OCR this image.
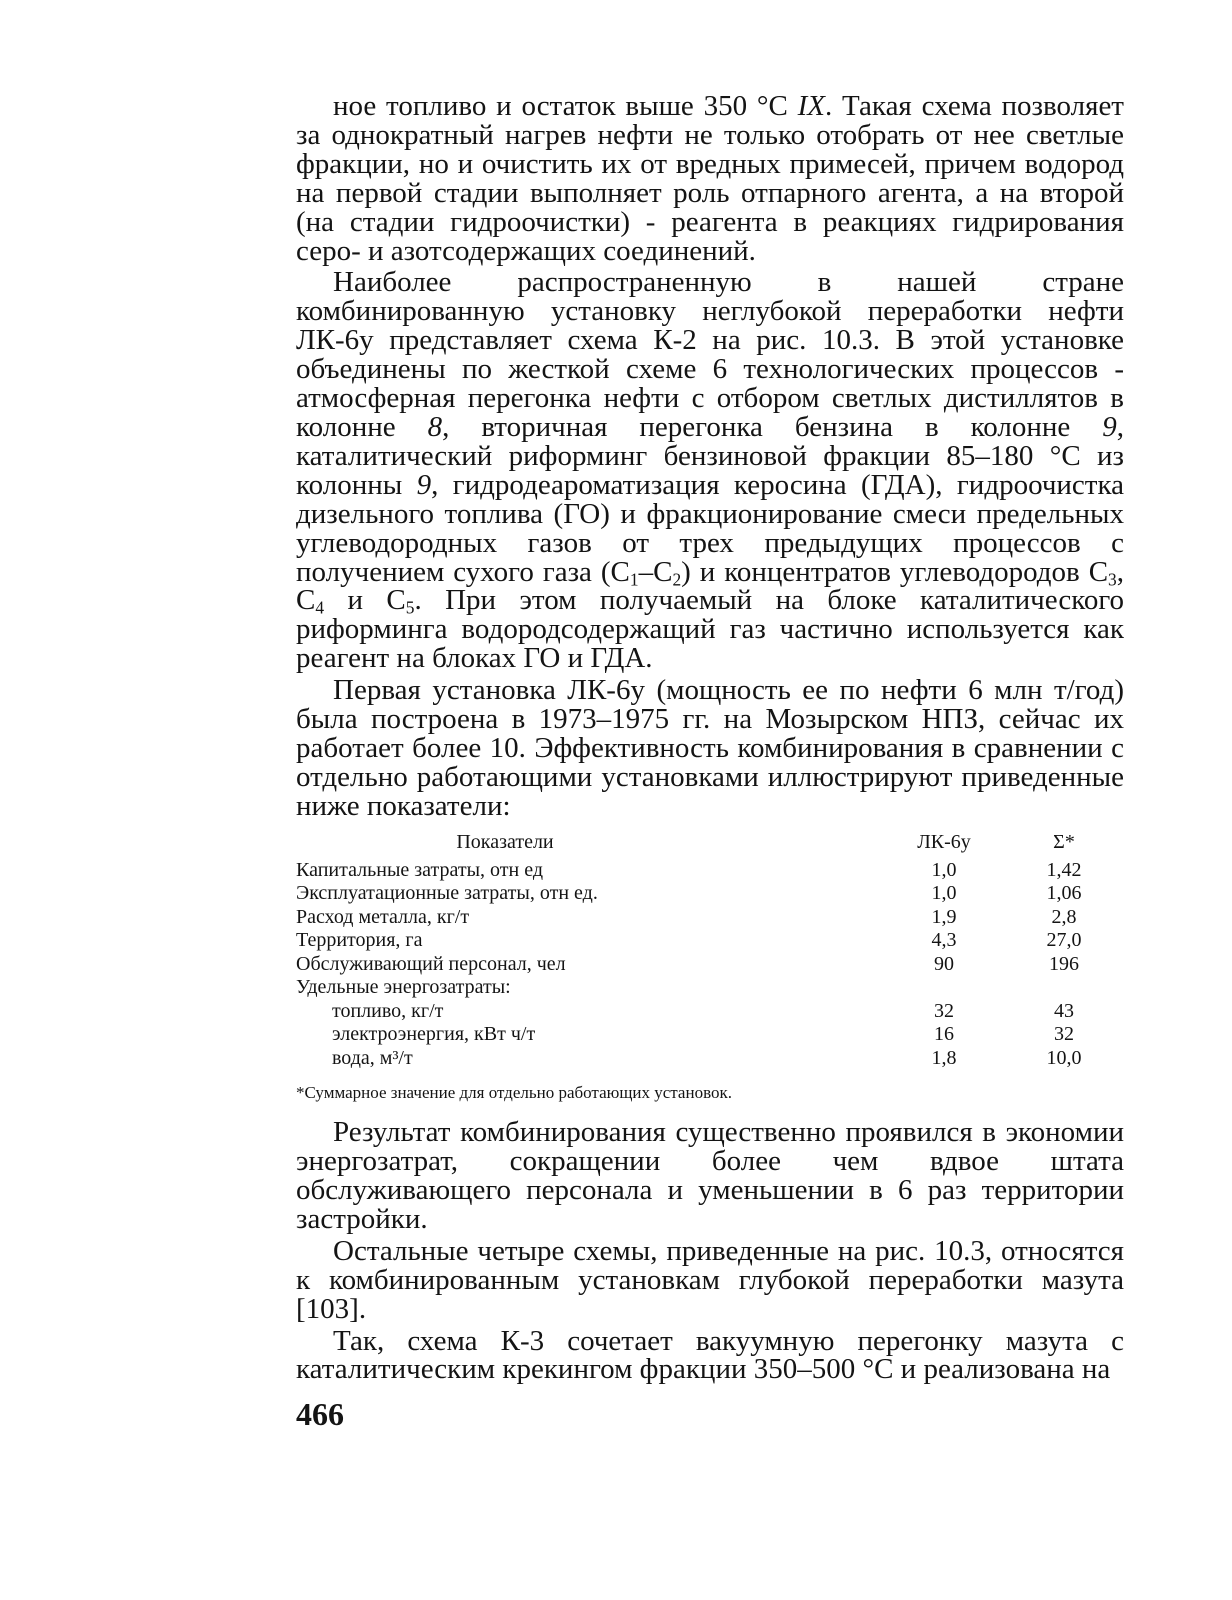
ное топливо и остаток выше 350 °С IX. Такая схема позволяет за однократный нагрев нефти не только отобрать от нее светлые фракции, но и очистить их от вредных примесей, причем водород на первой стадии выполняет роль отпарного агента, а на второй (на стадии гидроочистки) - реагента в реакциях гидрирования серо- и азотсодержащих соединений.

Наиболее распространенную в нашей стране комбинированную установку неглубокой переработки нефти ЛК-6у представляет схема К-2 на рис. 10.3. В этой установке объединены по жесткой схеме 6 технологических процессов - атмосферная перегонка нефти с отбором светлых дистиллятов в колонне 8, вторичная перегонка бензина в колонне 9, каталитический риформинг бензиновой фракции 85–180 °С из колонны 9, гидродеароматизация керосина (ГДА), гидроочистка дизельного топлива (ГО) и фракционирование смеси предельных углеводородных газов от трех предыдущих процессов с получением сухого газа $(С_1-С_2)$ и концентратов углеводородов $С_3$, $С_4$ и $С_5$. При этом получаемый на блоке каталитического риформинга водородсодержащий газ частично используется как реагент на блоках ГО и ГДА.

Первая установка ЛК-6у (мощность ее по нефти 6 млн т/год) была построена в 1973–1975 гг. на Мозырском НПЗ, сейчас их работает более 10. Эффективность комбинирования в сравнении с отдельно работающими установками иллюстрируют приведенные ниже показатели:

Показатели	ЛК-6у	Σ*
Капитальные затраты, отн ед	1,0	1,42
Эксплуатационные затраты, отн ед.	1,0	1,06
Расход металла, кг/т	1,9	2,8
Территория, га	4,3	27,0
Обслуживающий персонал, чел	90	196
Удельные энергозатраты:		
топливо, кг/т	32	43
электроэнергия, кВт ч/т	16	32
вода, м³/т	1,8	10,0
*Суммарное значение для отдельно работающих установок.

Результат комбинирования существенно проявился в экономии энергозатрат, сокращении более чем вдвое штата обслуживающего персонала и уменьшении в 6 раз территории застройки.

Остальные четыре схемы, приведенные на рис. 10.3, относятся к комбинированным установкам глубокой переработки мазута [103].

Так, схема К-3 сочетает вакуумную перегонку мазута с каталитическим крекингом фракции 350–500 °С и реализована на

466
